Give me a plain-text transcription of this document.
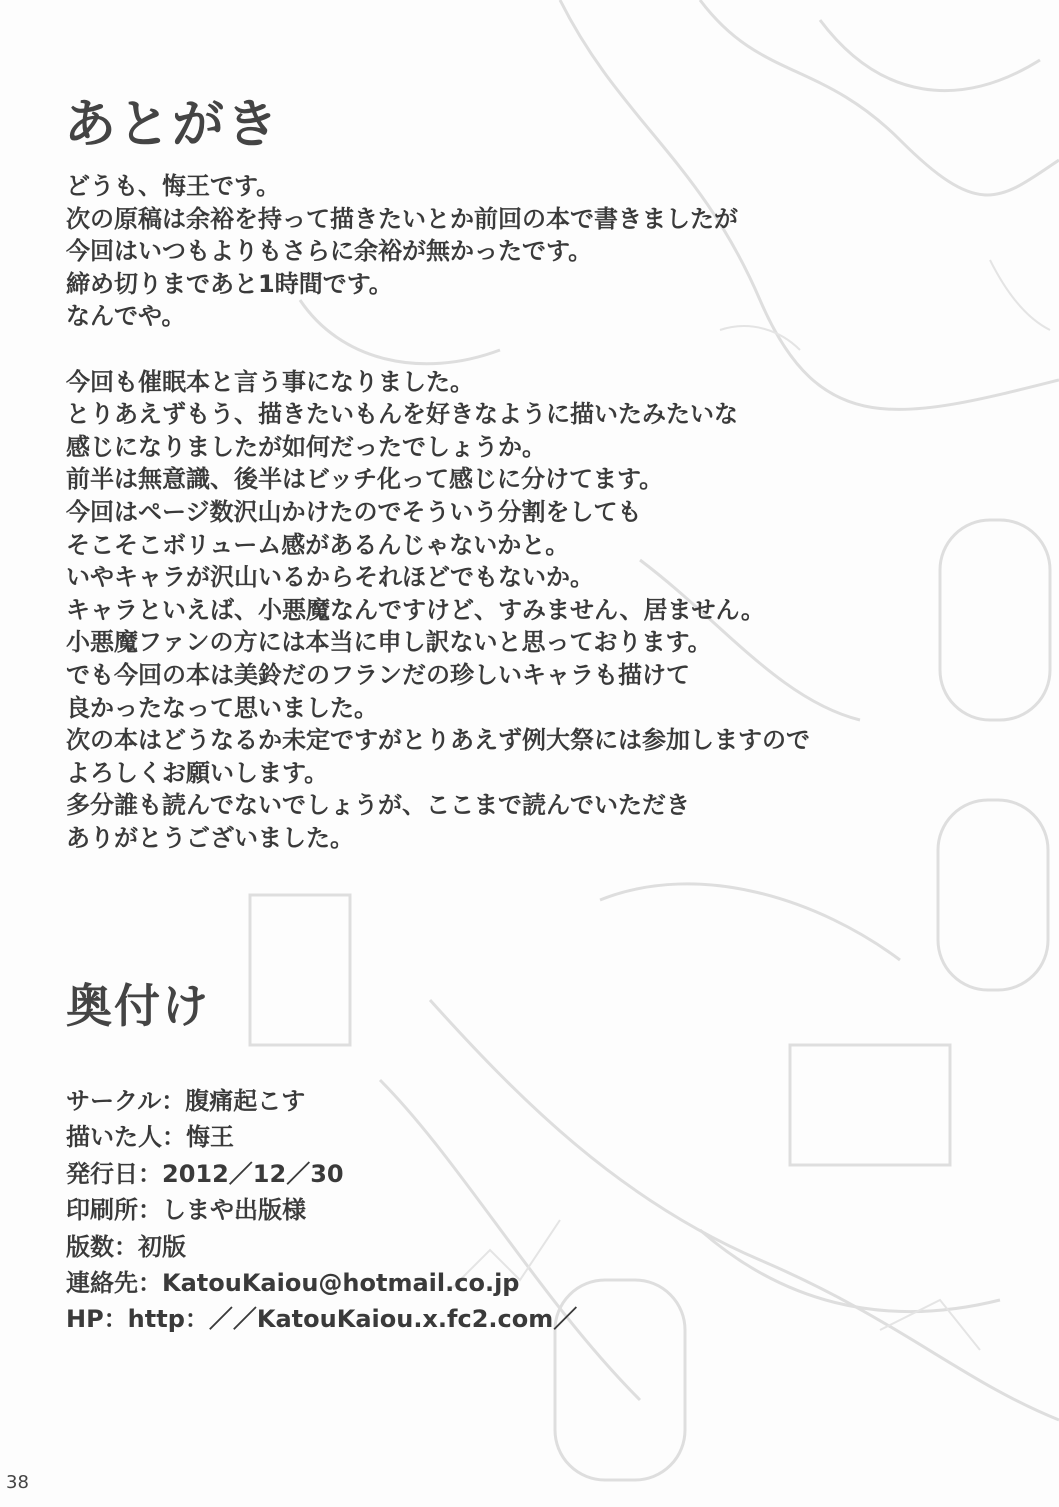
あとがき
どうも、悔王です。
次の原稿は余裕を持って描きたいとか前回の本で書きましたが
今回はいつもよりもさらに余裕が無かったです。
締め切りまであと1時間です。
なんでや。
今回も催眠本と言う事になりました。
とりあえずもう、描きたいもんを好きなように描いたみたいな
感じになりましたが如何だったでしょうか。
前半は無意識、後半はビッチ化って感じに分けてます。
今回はページ数沢山かけたのでそういう分割をしても
そこそこボリューム感があるんじゃないかと。
いやキャラが沢山いるからそれほどでもないか。
キャラといえば、小悪魔なんですけど、すみません、居ません。
小悪魔ファンの方には本当に申し訳ないと思っております。
でも今回の本は美鈴だのフランだの珍しいキャラも描けて
良かったなって思いました。
次の本はどうなるか未定ですがとりあえず例大祭には参加しますので
よろしくお願いします。
多分誰も読んでないでしょうが、ここまで読んでいただき
ありがとうございました。
奥付け
サークル：腹痛起こす
描いた人：悔王
発行日：2012／12／30
印刷所：しまや出版様
版数：初版
連絡先：KatouKaiou@hotmail.co.jp
HP：http：／／KatouKaiou.x.fc2.com／
38
